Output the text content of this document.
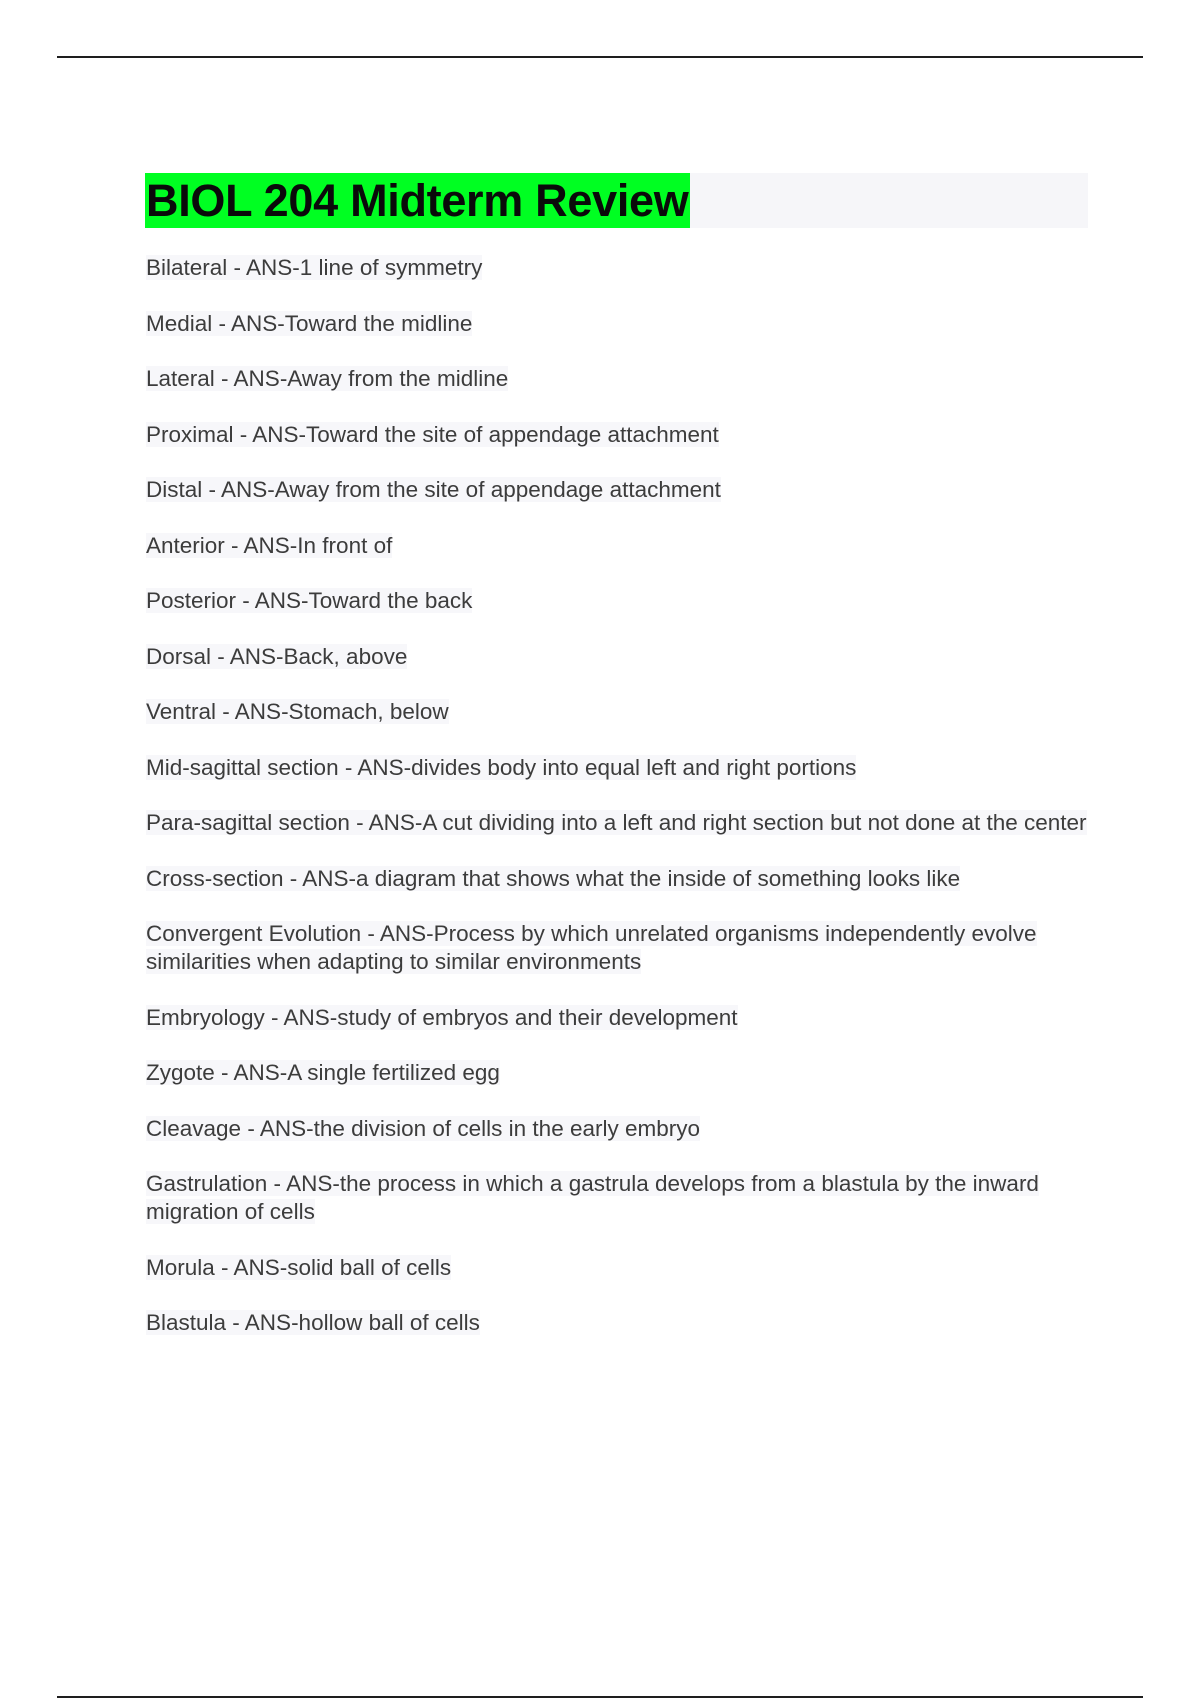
BIOL 204 Midterm Review
Bilateral - ANS-1 line of symmetry
Medial - ANS-Toward the midline
Lateral - ANS-Away from the midline
Proximal - ANS-Toward the site of appendage attachment
Distal - ANS-Away from the site of appendage attachment
Anterior - ANS-In front of
Posterior - ANS-Toward the back
Dorsal - ANS-Back, above
Ventral - ANS-Stomach, below
Mid-sagittal section - ANS-divides body into equal left and right portions
Para-sagittal section - ANS-A cut dividing into a left and right section but not done at the center
Cross-section - ANS-a diagram that shows what the inside of something looks like
Convergent Evolution - ANS-Process by which unrelated organisms independently evolve similarities when adapting to similar environments
Embryology - ANS-study of embryos and their development
Zygote - ANS-A single fertilized egg
Cleavage - ANS-the division of cells in the early embryo
Gastrulation - ANS-the process in which a gastrula develops from a blastula by the inward migration of cells
Morula - ANS-solid ball of cells
Blastula - ANS-hollow ball of cells
